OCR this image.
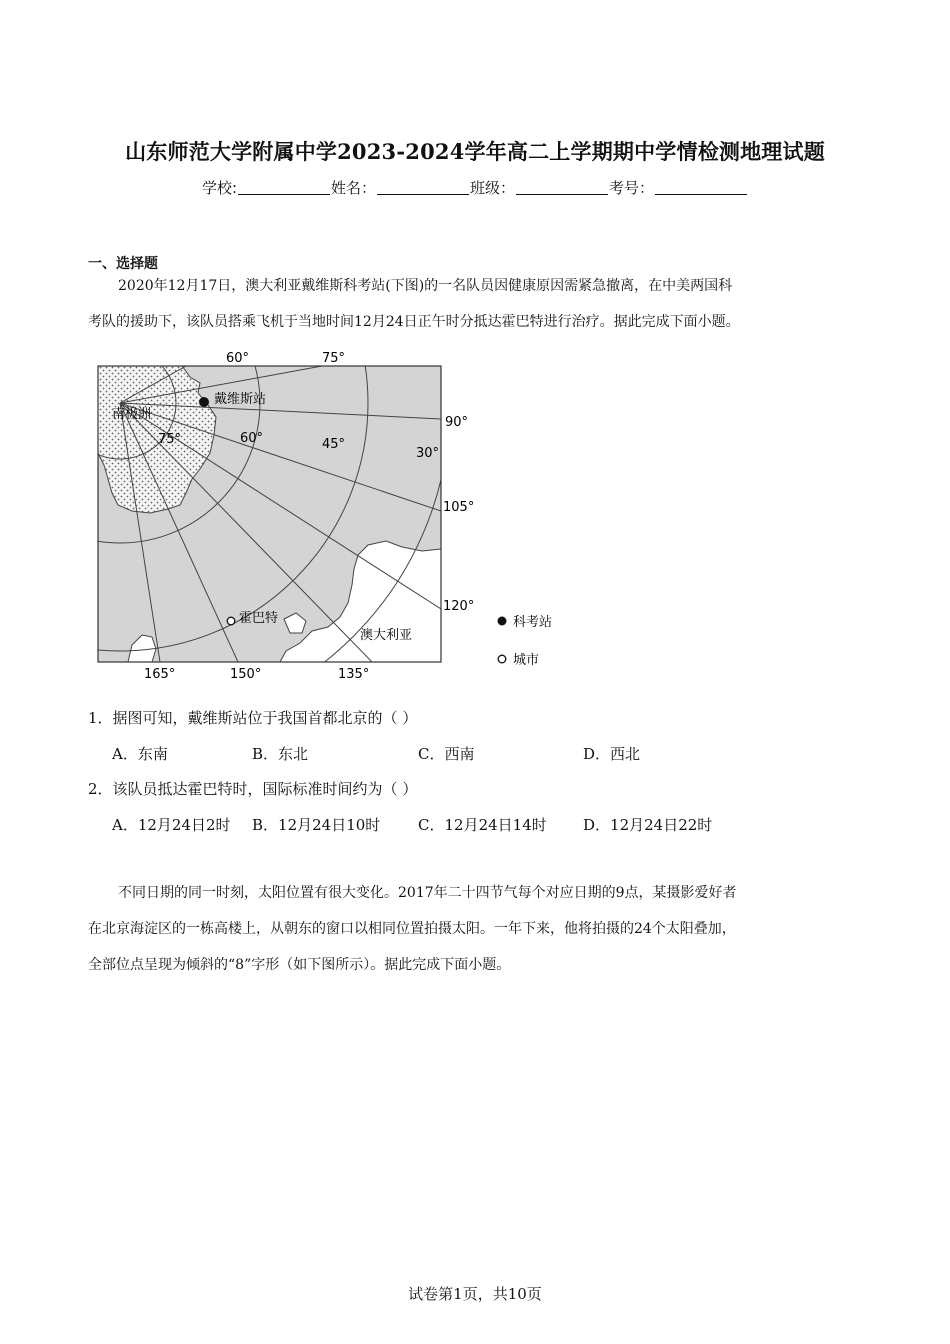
山东师范大学附属中学2023-2024学年高二上学期期中学情检测地理试题
学校:	姓名：	班级：	考号：
一、选择题

2020年12月17日，澳大利亚戴维斯科考站(下图)的一名队员因健康原因需紧急撤离，在中美两国科

考队的援助下，该队员搭乘飞机于当地时间12月24日正午时分抵达霍巴特进行治疗。据此完成下面小题。
南极洲
戴维斯站
霍巴特
澳大利亚
60°	75°
90°
105°
120°
135°
150°
165°
75°	60°	45°
30°
科考站
城市
1．据图可知，戴维斯站位于我国首都北京的（ ）
A．东南	B．东北	C．西南	D．西北
2．该队员抵达霍巴特时，国际标准时间约为（ ）
A．12月24日2时 B．12月24日10时	C．12月24日14时 D．12月24日22时

不同日期的同一时刻，太阳位置有很大变化。2017年二十四节气每个对应日期的9点，某摄影爱好者

在北京海淀区的一栋高楼上，从朝东的窗口以相同位置拍摄太阳。一年下来，他将拍摄的24个太阳叠加，
全部位点呈现为倾斜的“8”字形（如下图所示）。据此完成下面小题。
试卷第1页，共10页
